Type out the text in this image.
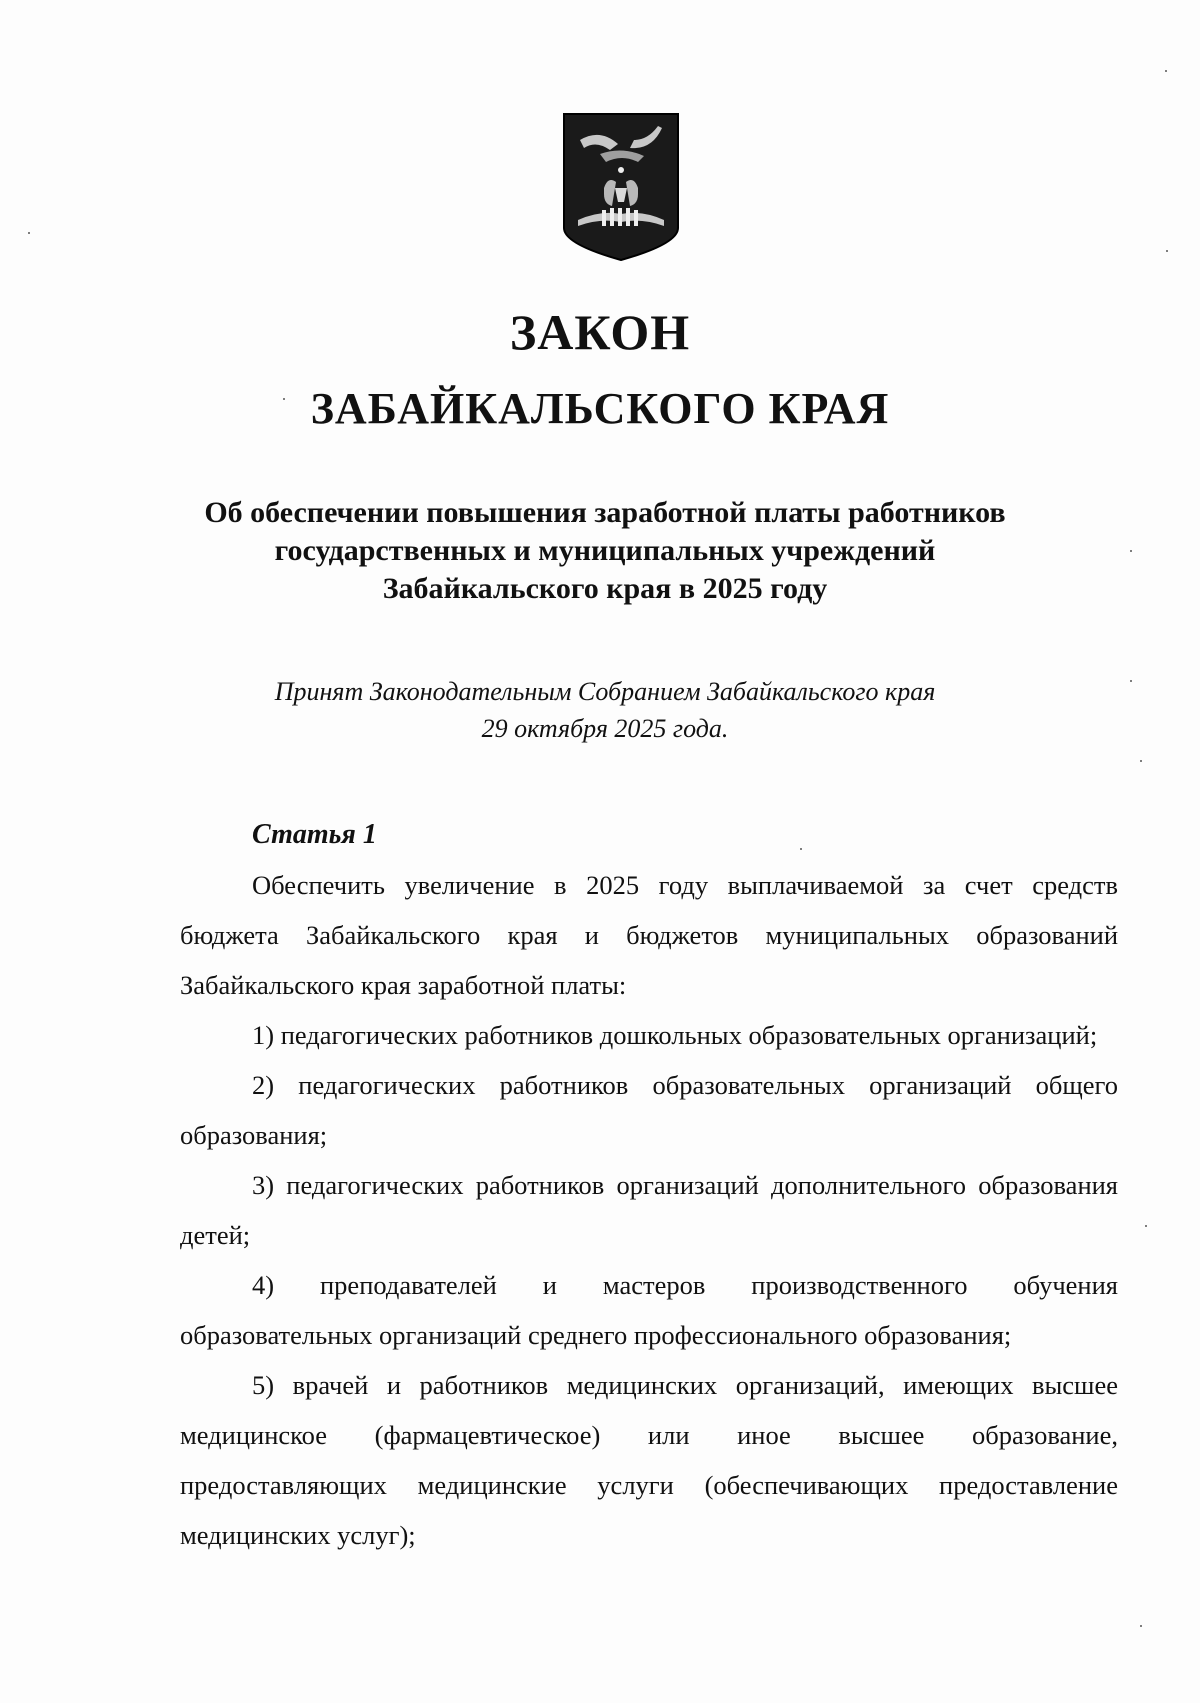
ЗАКОН
ЗАБАЙКАЛЬСКОГО КРАЯ
Об обеспечении повышения заработной платы работников
государственных и муниципальных учреждений
Забайкальского края в 2025 году
Принят Законодательным Собранием Забайкальского края
29 октября 2025 года.
Статья 1

Обеспечить увеличение в 2025 году выплачиваемой за счет средств бюджета Забайкальского края и бюджетов муниципальных образований Забайкальского края заработной платы:

1) педагогических работников дошкольных образовательных организаций;

2) педагогических работников образовательных организаций общего образования;

3) педагогических работников организаций дополнительного образования детей;

4) преподавателей и мастеров производственного обучения образовательных организаций среднего профессионального образования;

5) врачей и работников медицинских организаций, имеющих высшее медицинское (фармацевтическое) или иное высшее образование, предоставляющих медицинские услуги (обеспечивающих предоставление медицинских услуг);
